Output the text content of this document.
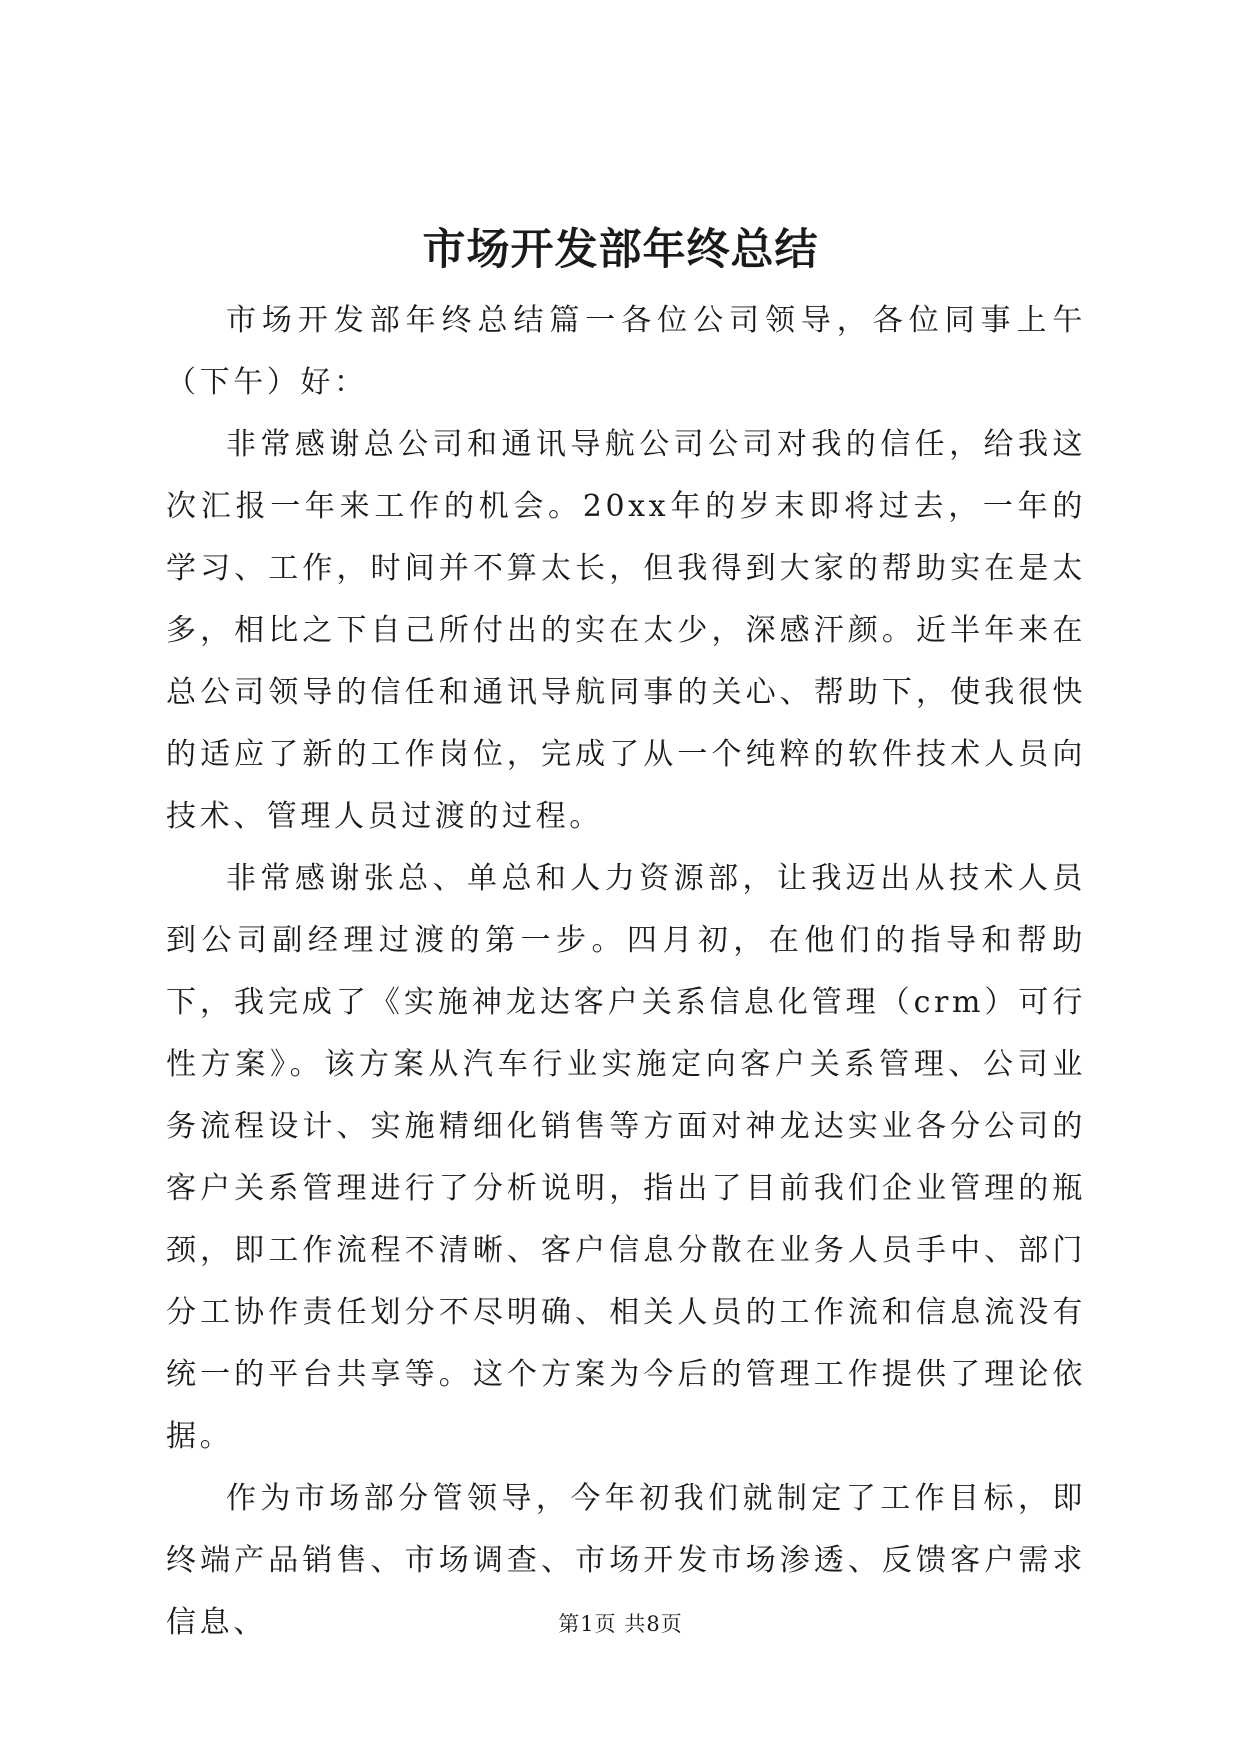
市场开发部年终总结

市场开发部年终总结篇一各位公司领导，各位同事上午（下午）好：

非常感谢总公司和通讯导航公司公司对我的信任，给我这次汇报一年来工作的机会。20xx年的岁末即将过去，一年的学习、工作，时间并不算太长，但我得到大家的帮助实在是太多，相比之下自己所付出的实在太少，深感汗颜。近半年来在总公司领导的信任和通讯导航同事的关心、帮助下，使我很快的适应了新的工作岗位，完成了从一个纯粹的软件技术人员向技术、管理人员过渡的过程。

非常感谢张总、单总和人力资源部，让我迈出从技术人员到公司副经理过渡的第一步。四月初，在他们的指导和帮助下，我完成了《实施神龙达客户关系信息化管理（crm）可行性方案》。该方案从汽车行业实施定向客户关系管理、公司业务流程设计、实施精细化销售等方面对神龙达实业各分公司的客户关系管理进行了分析说明，指出了目前我们企业管理的瓶颈，即工作流程不清晰、客户信息分散在业务人员手中、部门分工协作责任划分不尽明确、相关人员的工作流和信息流没有统一的平台共享等。这个方案为今后的管理工作提供了理论依据。

作为市场部分管领导，今年初我们就制定了工作目标，即终端产品销售、市场调查、市场开发市场渗透、反馈客户需求信息、	第1页 共8页
